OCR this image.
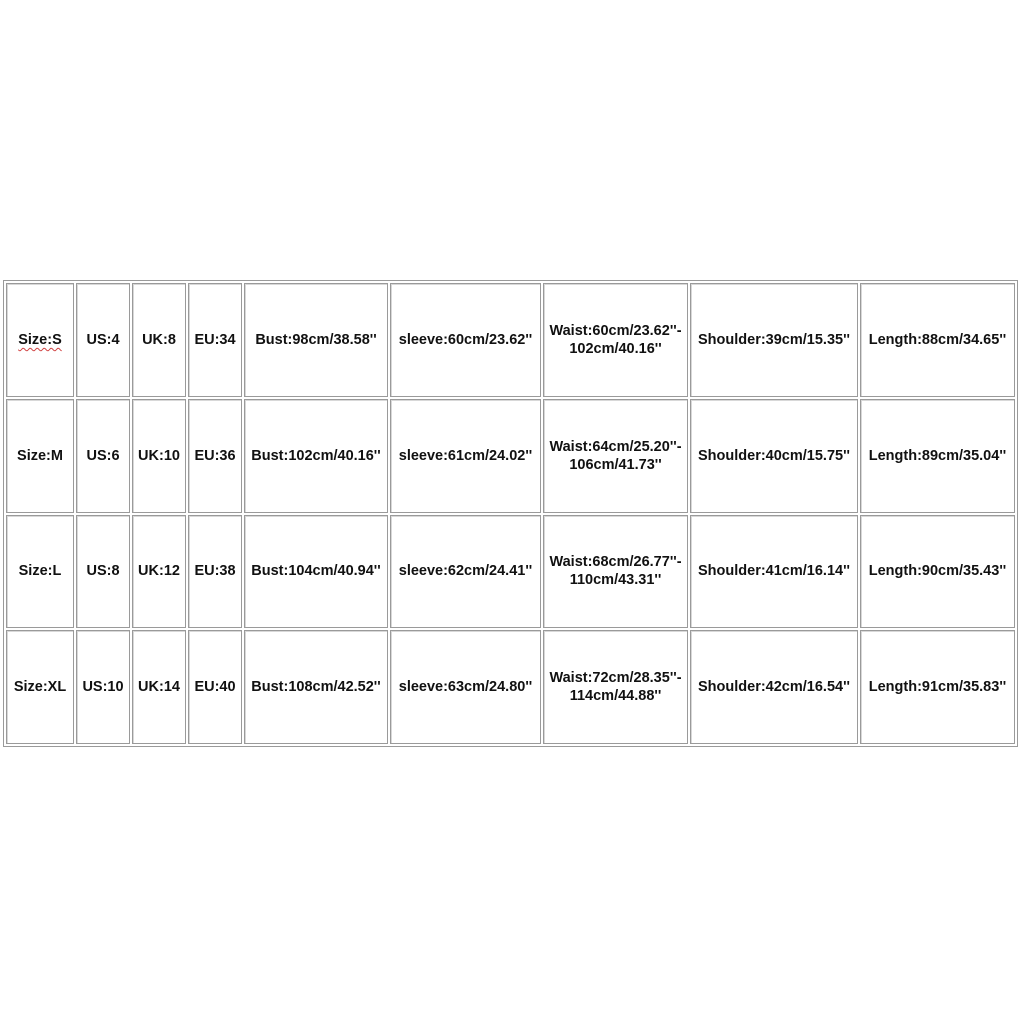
Size:S	US:4	UK:8	EU:34	Bust:98cm/38.58''	sleeve:60cm/23.62''	Waist:60cm/23.62''-
102cm/40.16''	Shoulder:39cm/15.35''	Length:88cm/34.65''
Size:M	US:6	UK:10	EU:36	Bust:102cm/40.16''	sleeve:61cm/24.02''	Waist:64cm/25.20''-
106cm/41.73''	Shoulder:40cm/15.75''	Length:89cm/35.04''
Size:L	US:8	UK:12	EU:38	Bust:104cm/40.94''	sleeve:62cm/24.41''	Waist:68cm/26.77''-
110cm/43.31''	Shoulder:41cm/16.14''	Length:90cm/35.43''
Size:XL	US:10	UK:14	EU:40	Bust:108cm/42.52''	sleeve:63cm/24.80''	Waist:72cm/28.35''-
114cm/44.88''	Shoulder:42cm/16.54''	Length:91cm/35.83''
